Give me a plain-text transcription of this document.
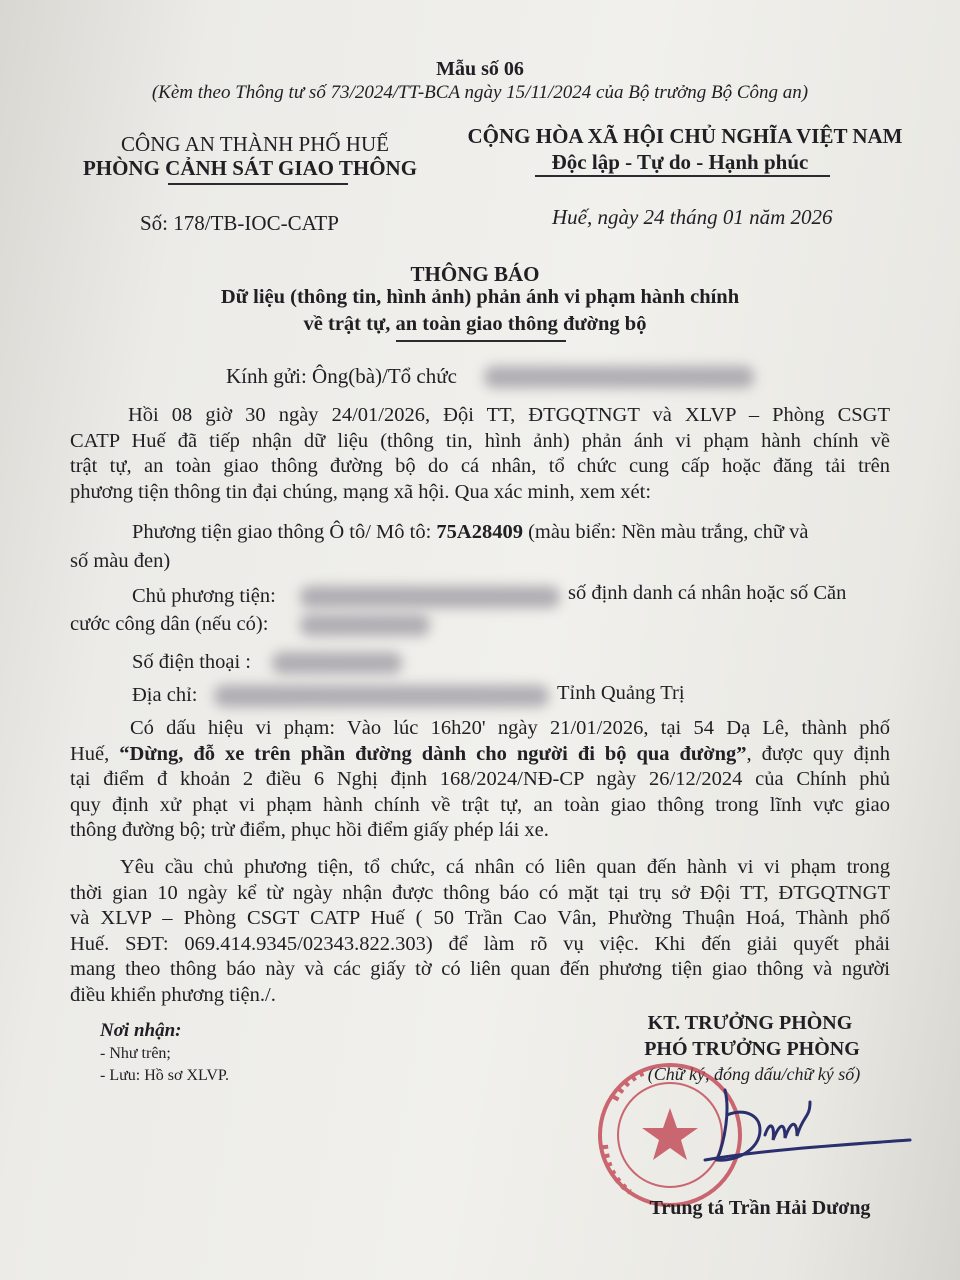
Mẫu số 06
(Kèm theo Thông tư số 73/2024/TT-BCA ngày 15/11/2024 của Bộ trưởng Bộ Công an)
CÔNG AN THÀNH PHỐ HUẾ
PHÒNG CẢNH SÁT GIAO THÔNG
CỘNG HÒA XÃ HỘI CHỦ NGHĨA VIỆT NAM
Độc lập - Tự do - Hạnh phúc
Số: 178/TB-IOC-CATP	Huế, ngày 24 tháng 01 năm 2026
THÔNG BÁO
Dữ liệu (thông tin, hình ảnh) phản ánh vi phạm hành chính
về trật tự, an toàn giao thông đường bộ
Kính gửi: Ông(bà)/Tổ chức
Hồi 08 giờ 30 ngày 24/01/2026, Đội TT, ĐTGQTNGT và XLVP – Phòng CSGT
CATP Huế đã tiếp nhận dữ liệu (thông tin, hình ảnh) phản ánh vi phạm hành chính về
trật tự, an toàn giao thông đường bộ do cá nhân, tổ chức cung cấp hoặc đăng tải trên
phương tiện thông tin đại chúng, mạng xã hội. Qua xác minh, xem xét:
Phương tiện giao thông Ô tô/ Mô tô: 75A28409 (màu biển: Nền màu trắng, chữ và
số màu đen)
Chủ phương tiện:	số định danh cá nhân hoặc số Căn
cước công dân (nếu có):
Số điện thoại :
Địa chỉ:	Tỉnh Quảng Trị
Có dấu hiệu vi phạm: Vào lúc 16h20' ngày 21/01/2026, tại 54 Dạ Lê, thành phố
Huế, “Dừng, đỗ xe trên phần đường dành cho người đi bộ qua đường”, được quy định
tại điểm đ khoản 2 điều 6 Nghị định 168/2024/NĐ-CP ngày 26/12/2024 của Chính phủ
quy định xử phạt vi phạm hành chính về trật tự, an toàn giao thông trong lĩnh vực giao
thông đường bộ; trừ điểm, phục hồi điểm giấy phép lái xe.
Yêu cầu chủ phương tiện, tổ chức, cá nhân có liên quan đến hành vi vi phạm trong
thời gian 10 ngày kể từ ngày nhận được thông báo có mặt tại trụ sở Đội TT, ĐTGQTNGT
và XLVP – Phòng CSGT CATP Huế ( 50 Trần Cao Vân, Phường Thuận Hoá, Thành phố
Huế. SĐT: 069.414.9345/02343.822.303) để làm rõ vụ việc. Khi đến giải quyết phải
mang theo thông báo này và các giấy tờ có liên quan đến phương tiện giao thông và người
điều khiển phương tiện./.
Nơi nhận:
- Như trên;
- Lưu: Hồ sơ XLVP.
KT. TRƯỞNG PHÒNG
PHÓ TRƯỞNG PHÒNG
(Chữ ký, đóng dấu/chữ ký số)
Trung tá Trần Hải Dương
